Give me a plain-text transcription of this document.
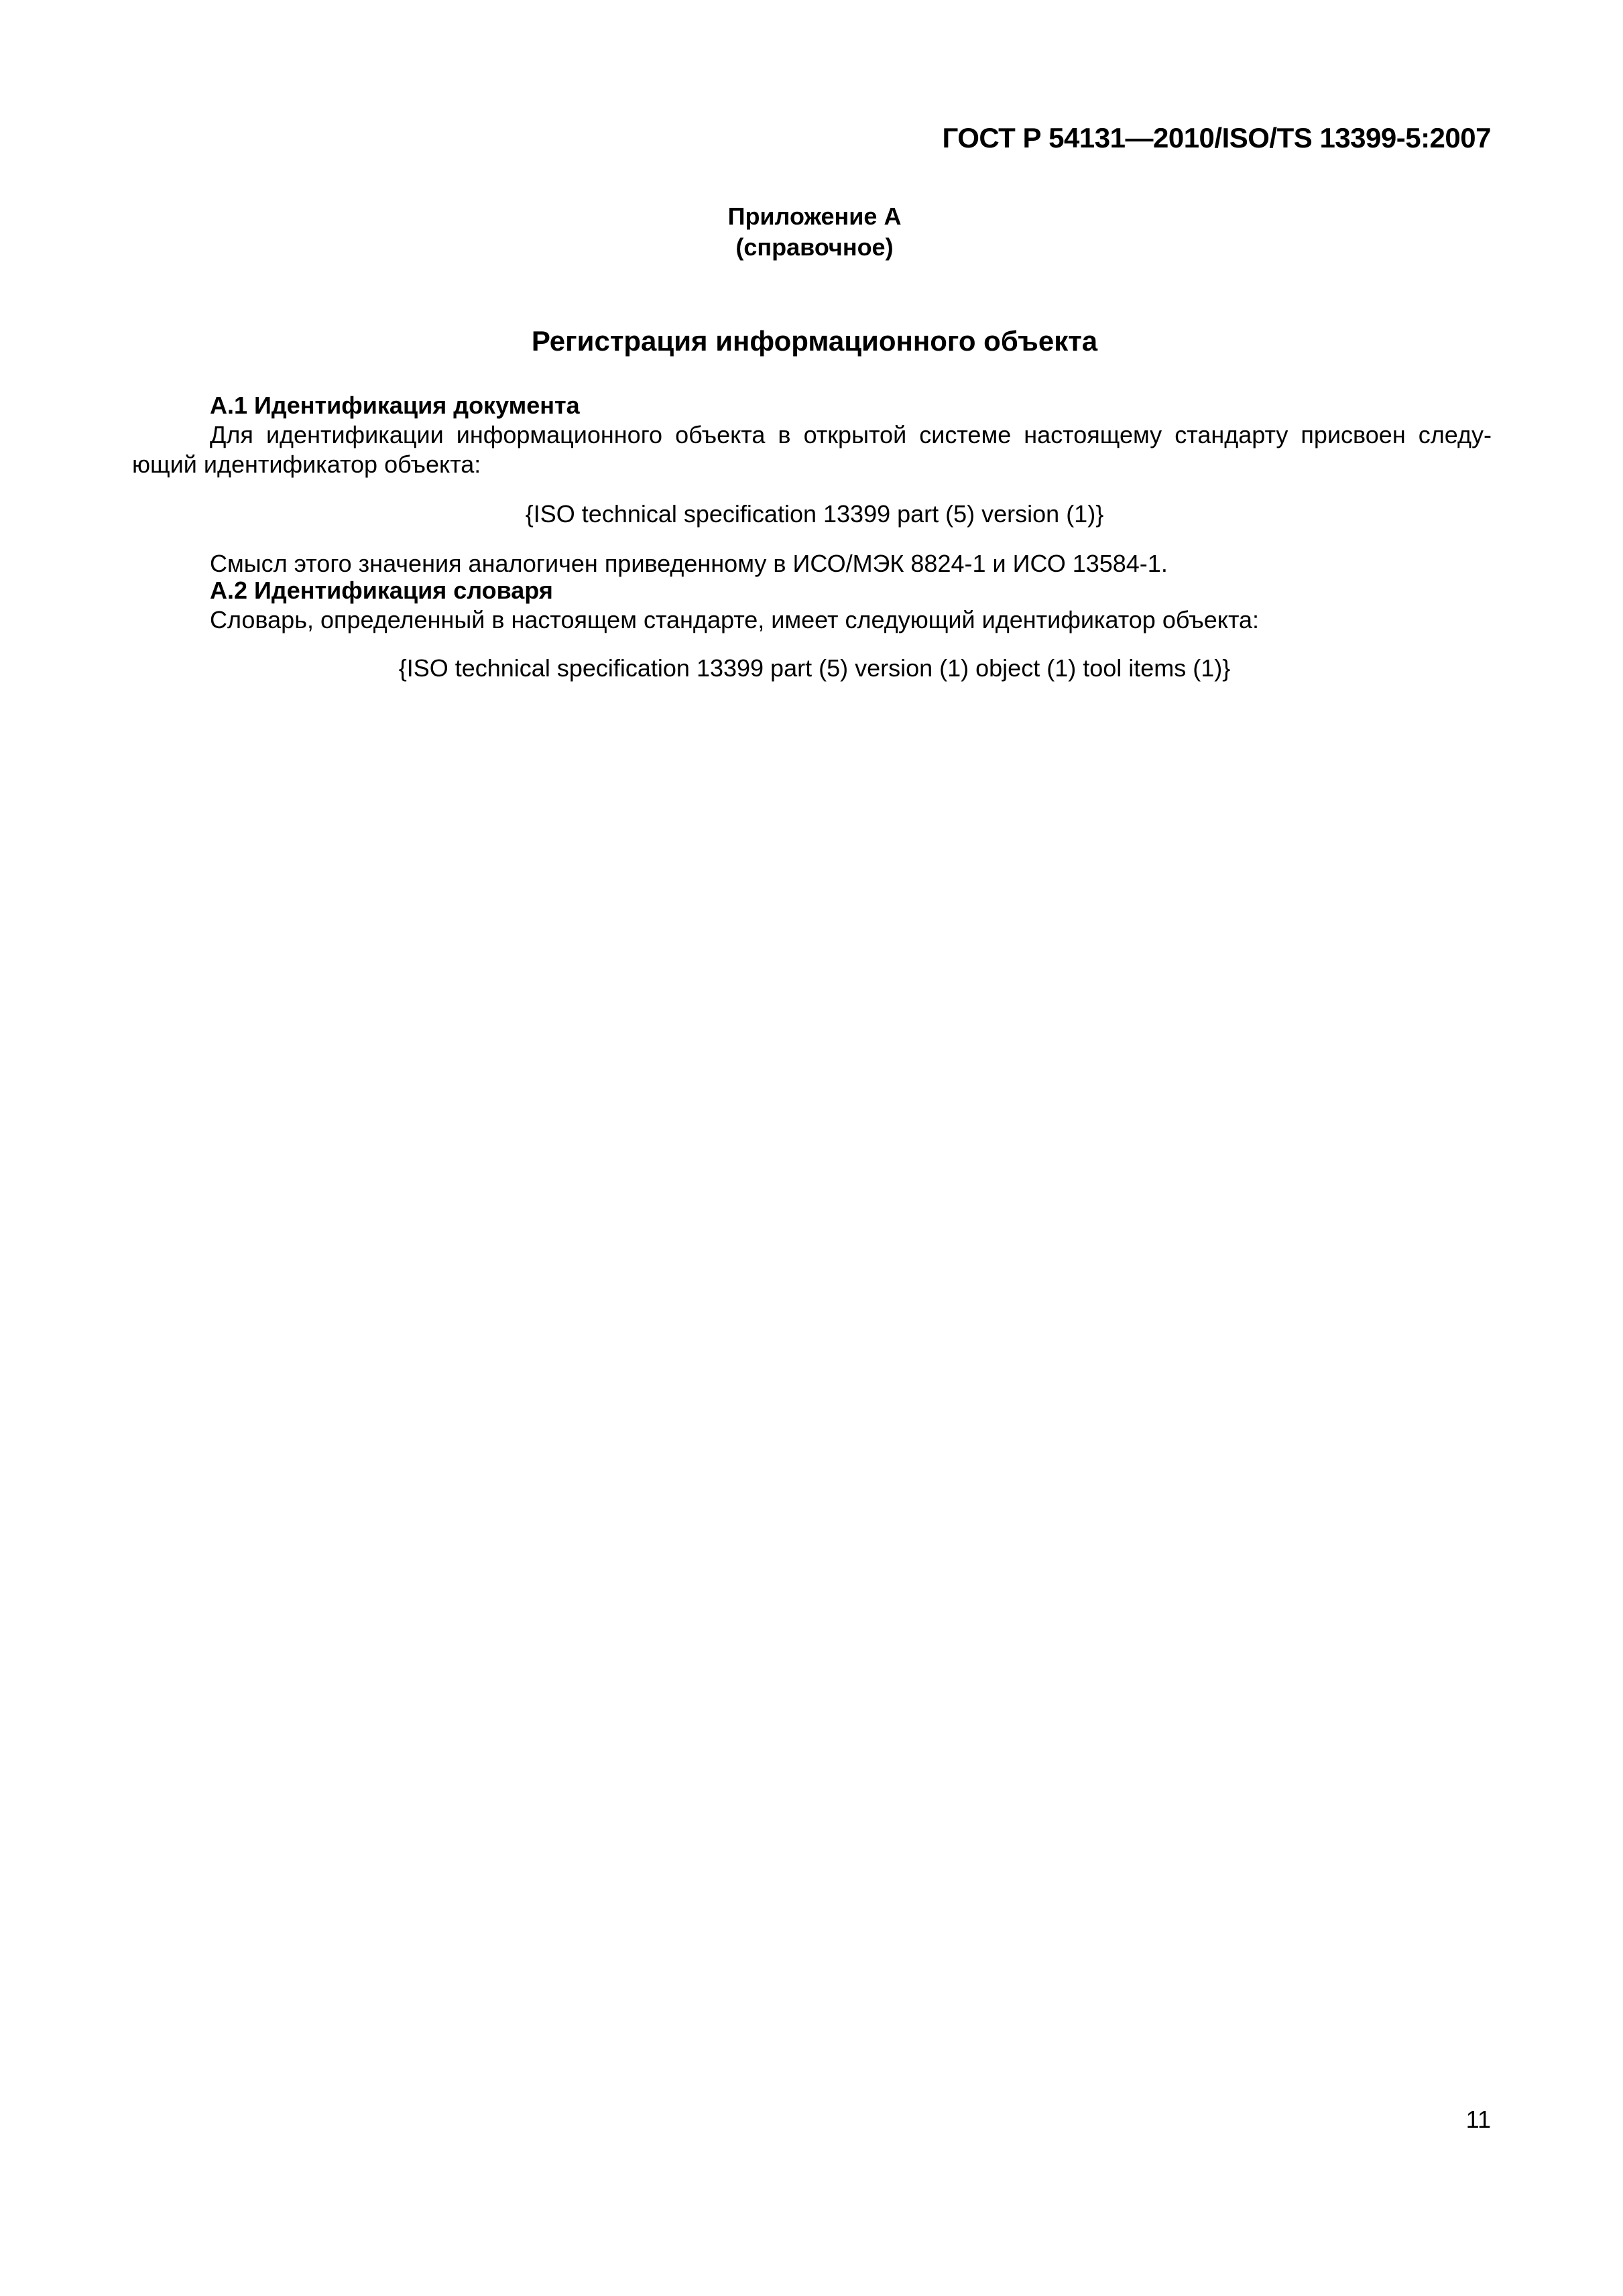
ГОСТ Р 54131—2010/ISO/TS 13399-5:2007
Приложение А
(справочное)
Регистрация информационного объекта
А.1 Идентификация документа
Для идентификации информационного объекта в открытой системе настоящему стандарту присвоен следу-
ющий идентификатор объекта:
{ISO technical specification 13399 part (5) version (1)}
Смысл этого значения аналогичен приведенному в ИСО/МЭК 8824-1 и ИСО 13584-1.
А.2 Идентификация словаря
Словарь, определенный в настоящем стандарте, имеет следующий идентификатор объекта:
{ISO technical specification 13399 part (5) version (1) object (1) tool items (1)}
11
